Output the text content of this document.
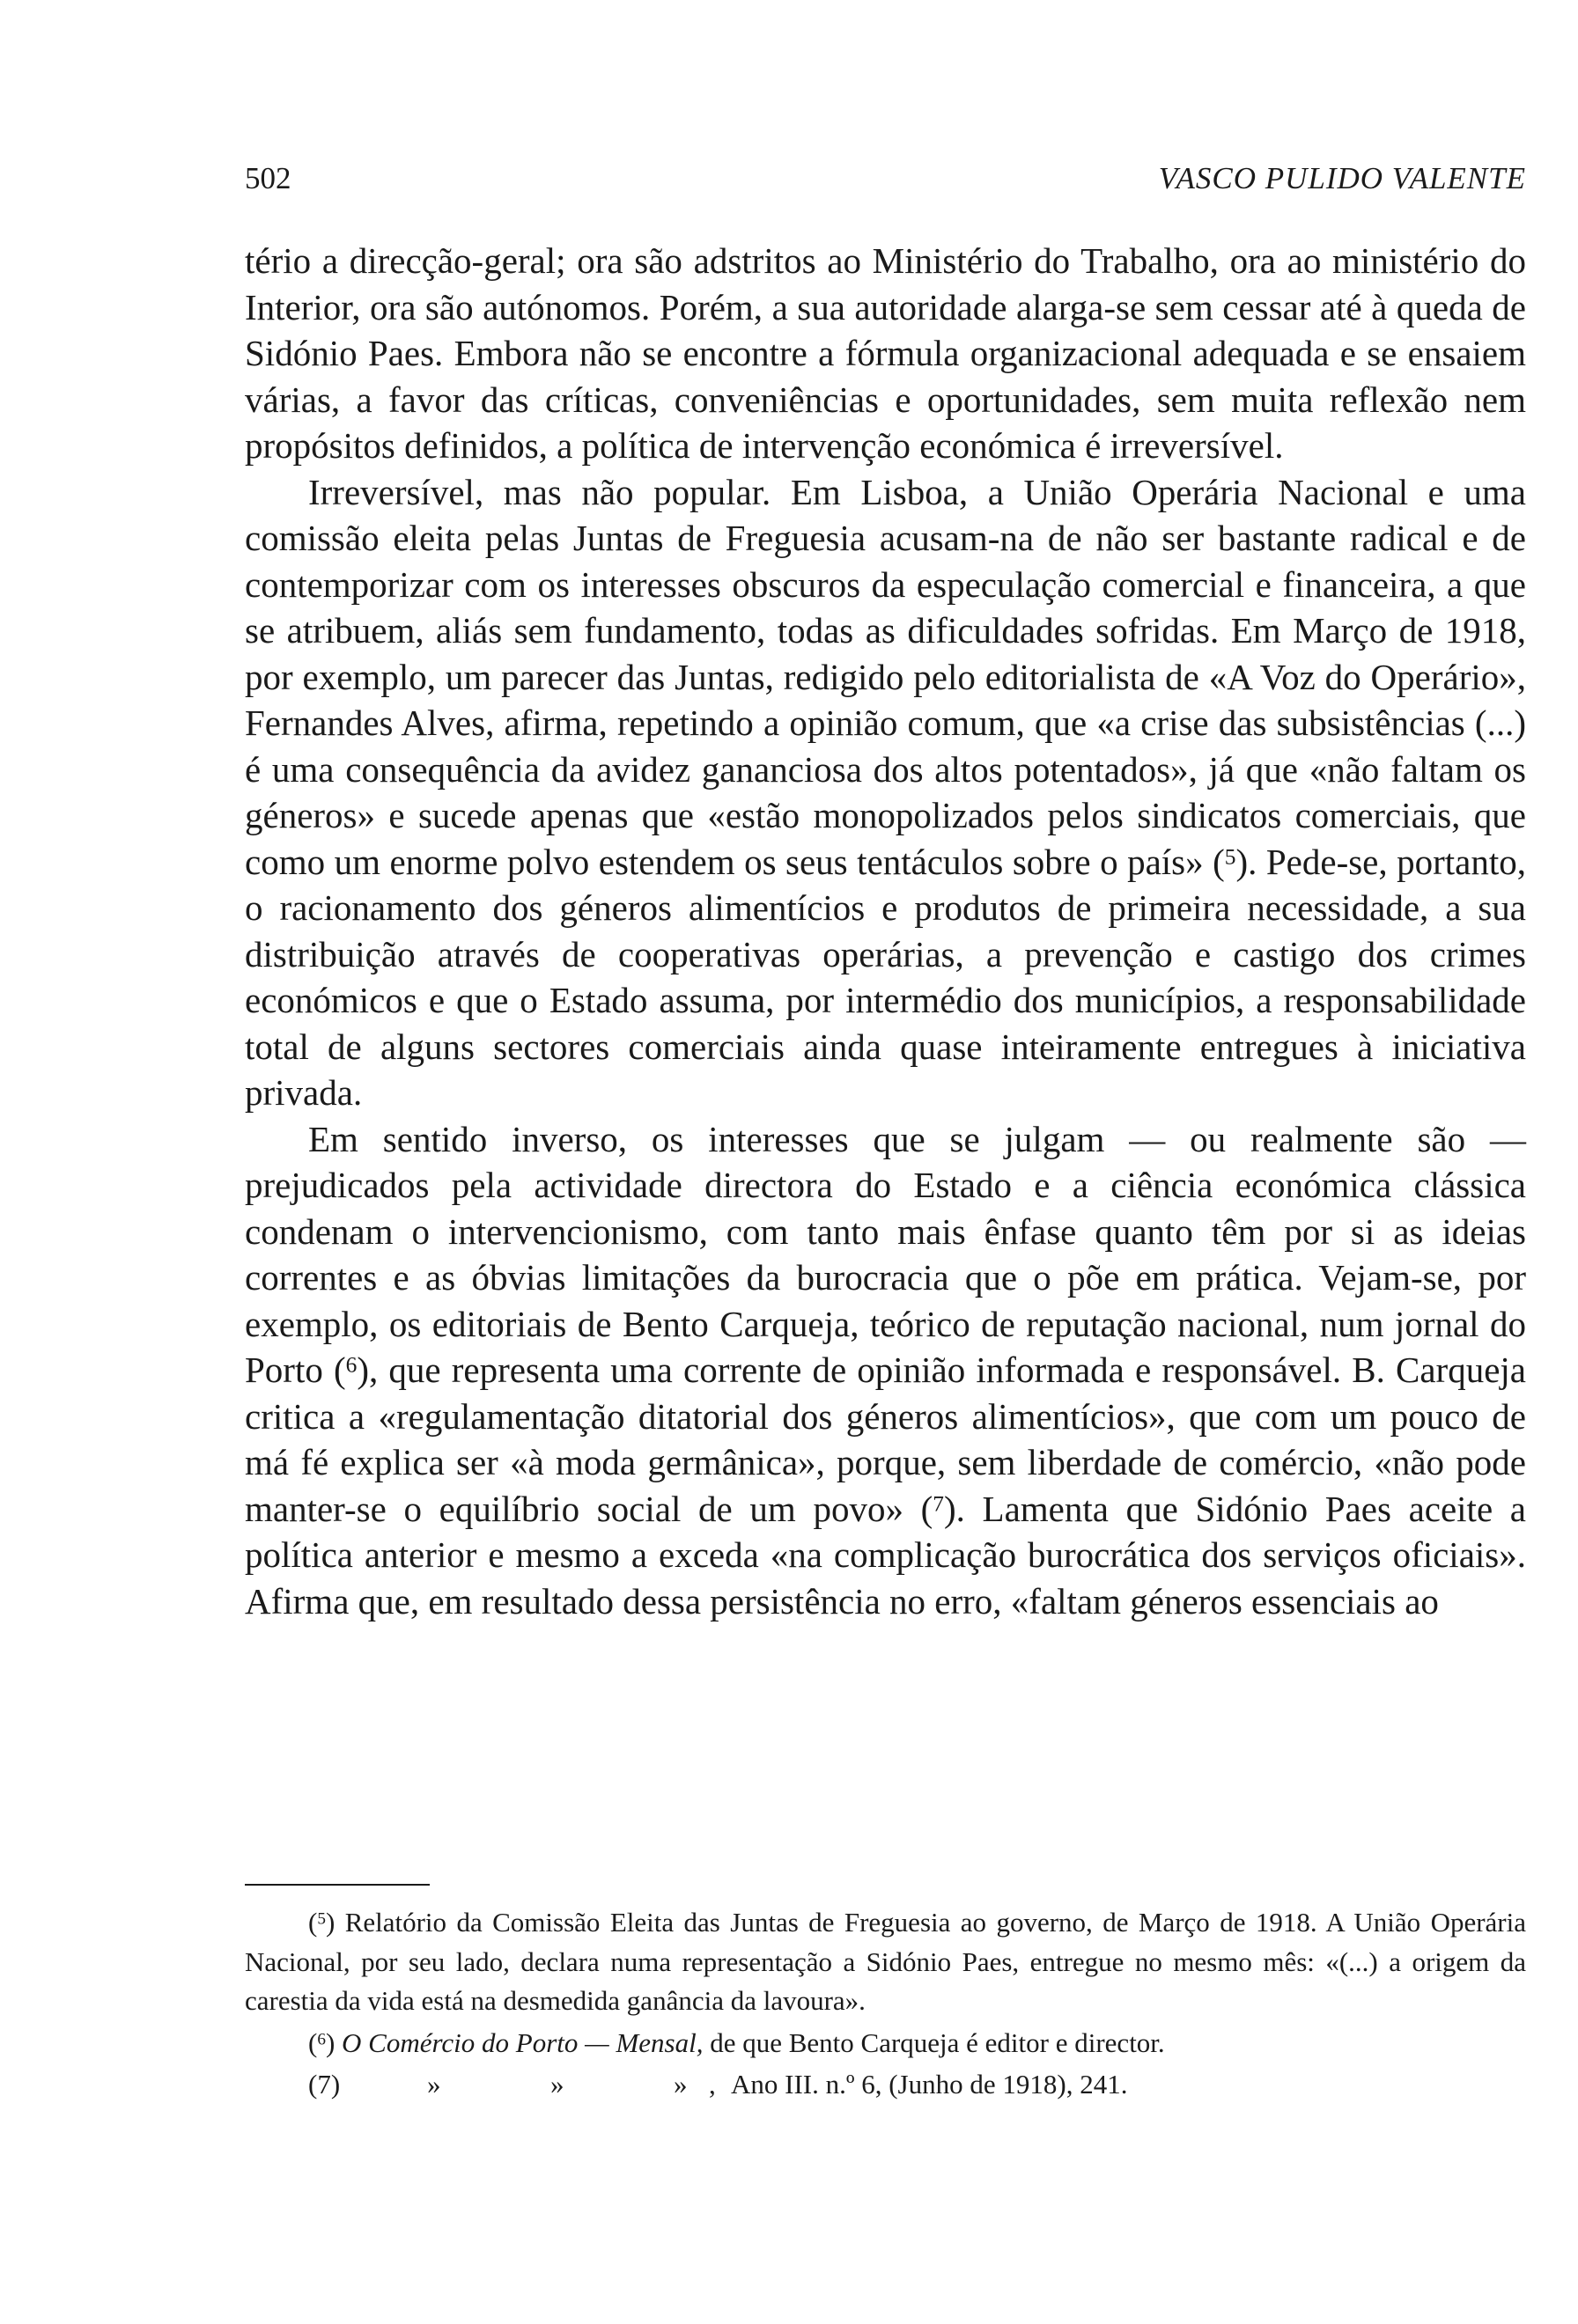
502	VASCO PULIDO VALENTE

tério a direcção-geral; ora são adstritos ao Ministério do Trabalho, ora ao ministério do Interior, ora são autónomos. Porém, a sua autoridade alarga-se sem cessar até à queda de Sidónio Paes. Embora não se encontre a fórmula organizacional adequada e se ensaiem várias, a favor das críticas, conveniências e oportunidades, sem muita reflexão nem propósitos definidos, a política de intervenção económica é irreversível.

Irreversível, mas não popular. Em Lisboa, a União Operária Nacional e uma comissão eleita pelas Juntas de Freguesia acusam-na de não ser bastante radical e de contemporizar com os interesses obscuros da especulação comercial e financeira, a que se atribuem, aliás sem fundamento, todas as dificuldades sofridas. Em Março de 1918, por exemplo, um parecer das Juntas, redigido pelo editorialista de «A Voz do Operário», Fernandes Alves, afirma, repetindo a opinião comum, que «a crise das subsistências (...) é uma consequência da avidez gananciosa dos altos potentados», já que «não faltam os géneros» e sucede apenas que «estão monopolizados pelos sindicatos comerciais, que como um enorme polvo estendem os seus tentáculos sobre o país» ($^5$). Pede-se, portanto, o racionamento dos géneros alimentícios e produtos de primeira necessidade, a sua distribuição através de cooperativas operárias, a prevenção e castigo dos crimes económicos e que o Estado assuma, por intermédio dos municípios, a responsabilidade total de alguns sectores comerciais ainda quase inteiramente entregues à iniciativa privada.

Em sentido inverso, os interesses que se julgam — ou realmente são — prejudicados pela actividade directora do Estado e a ciência económica clássica condenam o intervencionismo, com tanto mais ênfase quanto têm por si as ideias correntes e as óbvias limitações da burocracia que o põe em prática. Vejam-se, por exemplo, os editoriais de Bento Carqueja, teórico de reputação nacional, num jornal do Porto ($^6$), que representa uma corrente de opinião informada e responsável. B. Carqueja critica a «regulamentação ditatorial dos géneros alimentícios», que com um pouco de má fé explica ser «à moda germânica», porque, sem liberdade de comércio, «não pode manter-se o equilíbrio social de um povo» ($^7$). Lamenta que Sidónio Paes aceite a política anterior e mesmo a exceda «na complicação burocrática dos serviços oficiais». Afirma que, em resultado dessa persistência no erro, «faltam géneros essenciais ao

($^5$) Relatório da Comissão Eleita das Juntas de Freguesia ao governo, de Março de 1918. A União Operária Nacional, por seu lado, declara numa representação a Sidónio Paes, entregue no mesmo mês: «(...) a origem da carestia da vida está na desmedida ganância da lavoura».

($^6$) O Comércio do Porto — Mensal, de que Bento Carqueja é editor e director.

(7)	»	»	» , Ano III. n.º 6, (Junho de 1918), 241.
